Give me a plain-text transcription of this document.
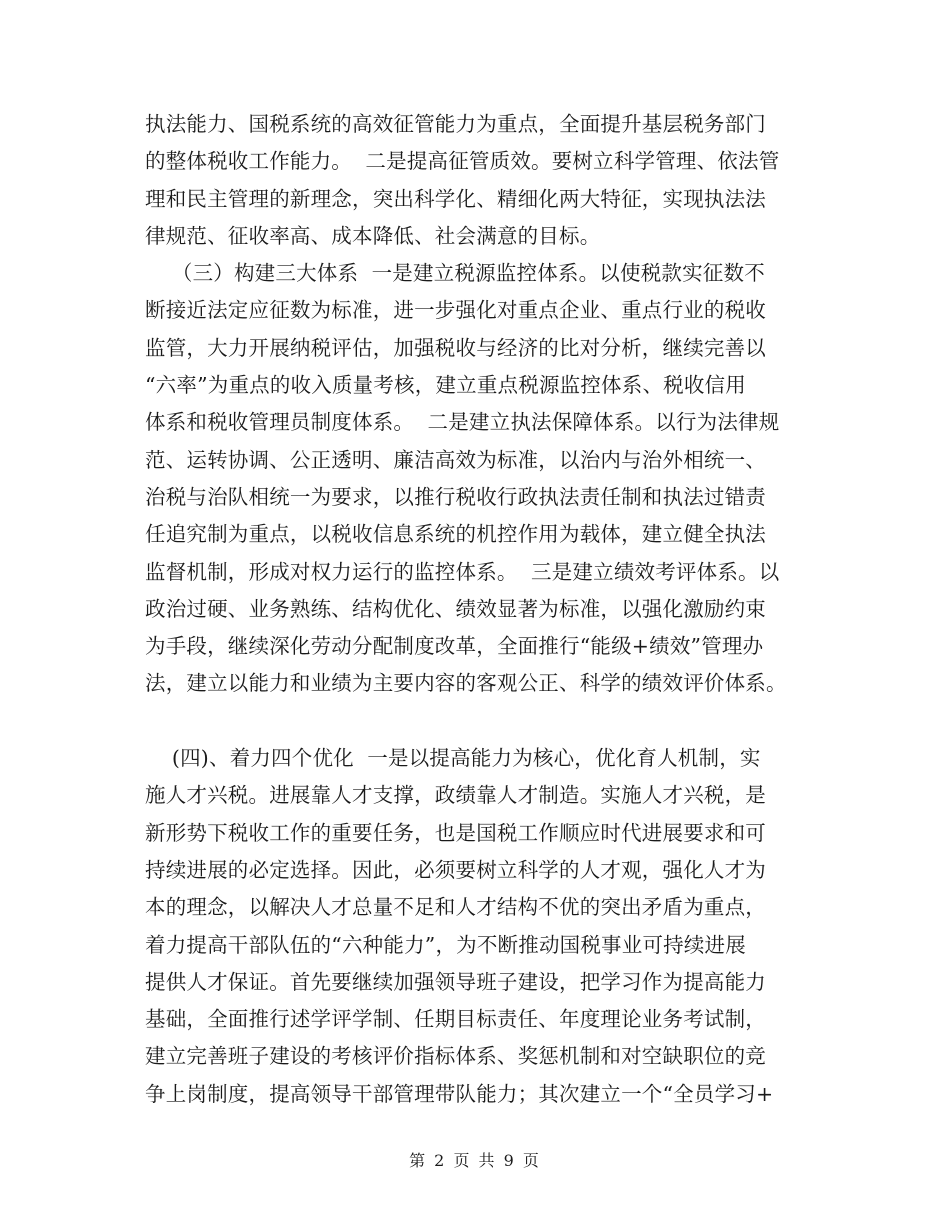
执法能力、国税系统的高效征管能力为重点，全面提升基层税务部门
的整体税收工作能力。  二是提高征管质效。要树立科学管理、依法管
理和民主管理的新理念，突出科学化、精细化两大特征，实现执法法
律规范、征收率高、成本降低、社会满意的目标。
（三）构建三大体系  一是建立税源监控体系。以使税款实征数不
断接近法定应征数为标准，进一步强化对重点企业、重点行业的税收
监管，大力开展纳税评估，加强税收与经济的比对分析，继续完善以
“六率”为重点的收入质量考核，建立重点税源监控体系、税收信用
体系和税收管理员制度体系。  二是建立执法保障体系。以行为法律规
范、运转协调、公正透明、廉洁高效为标准，以治内与治外相统一、
治税与治队相统一为要求，以推行税收行政执法责任制和执法过错责
任追究制为重点，以税收信息系统的机控作用为载体，建立健全执法
监督机制，形成对权力运行的监控体系。  三是建立绩效考评体系。以
政治过硬、业务熟练、结构优化、绩效显著为标准，以强化激励约束
为手段，继续深化劳动分配制度改革，全面推行“能级+绩效”管理办
法，建立以能力和业绩为主要内容的客观公正、科学的绩效评价体系。
(四)、着力四个优化  一是以提高能力为核心，优化育人机制，实
施人才兴税。进展靠人才支撑，政绩靠人才制造。实施人才兴税，是
新形势下税收工作的重要任务，也是国税工作顺应时代进展要求和可
持续进展的必定选择。因此，必须要树立科学的人才观，强化人才为
本的理念，以解决人才总量不足和人才结构不优的突出矛盾为重点，
着力提高干部队伍的“六种能力”，为不断推动国税事业可持续进展
提供人才保证。首先要继续加强领导班子建设，把学习作为提高能力
基础，全面推行述学评学制、任期目标责任、年度理论业务考试制，
建立完善班子建设的考核评价指标体系、奖惩机制和对空缺职位的竞
争上岗制度，提高领导干部管理带队能力；其次建立一个“全员学习+
第 2 页 共 9 页
